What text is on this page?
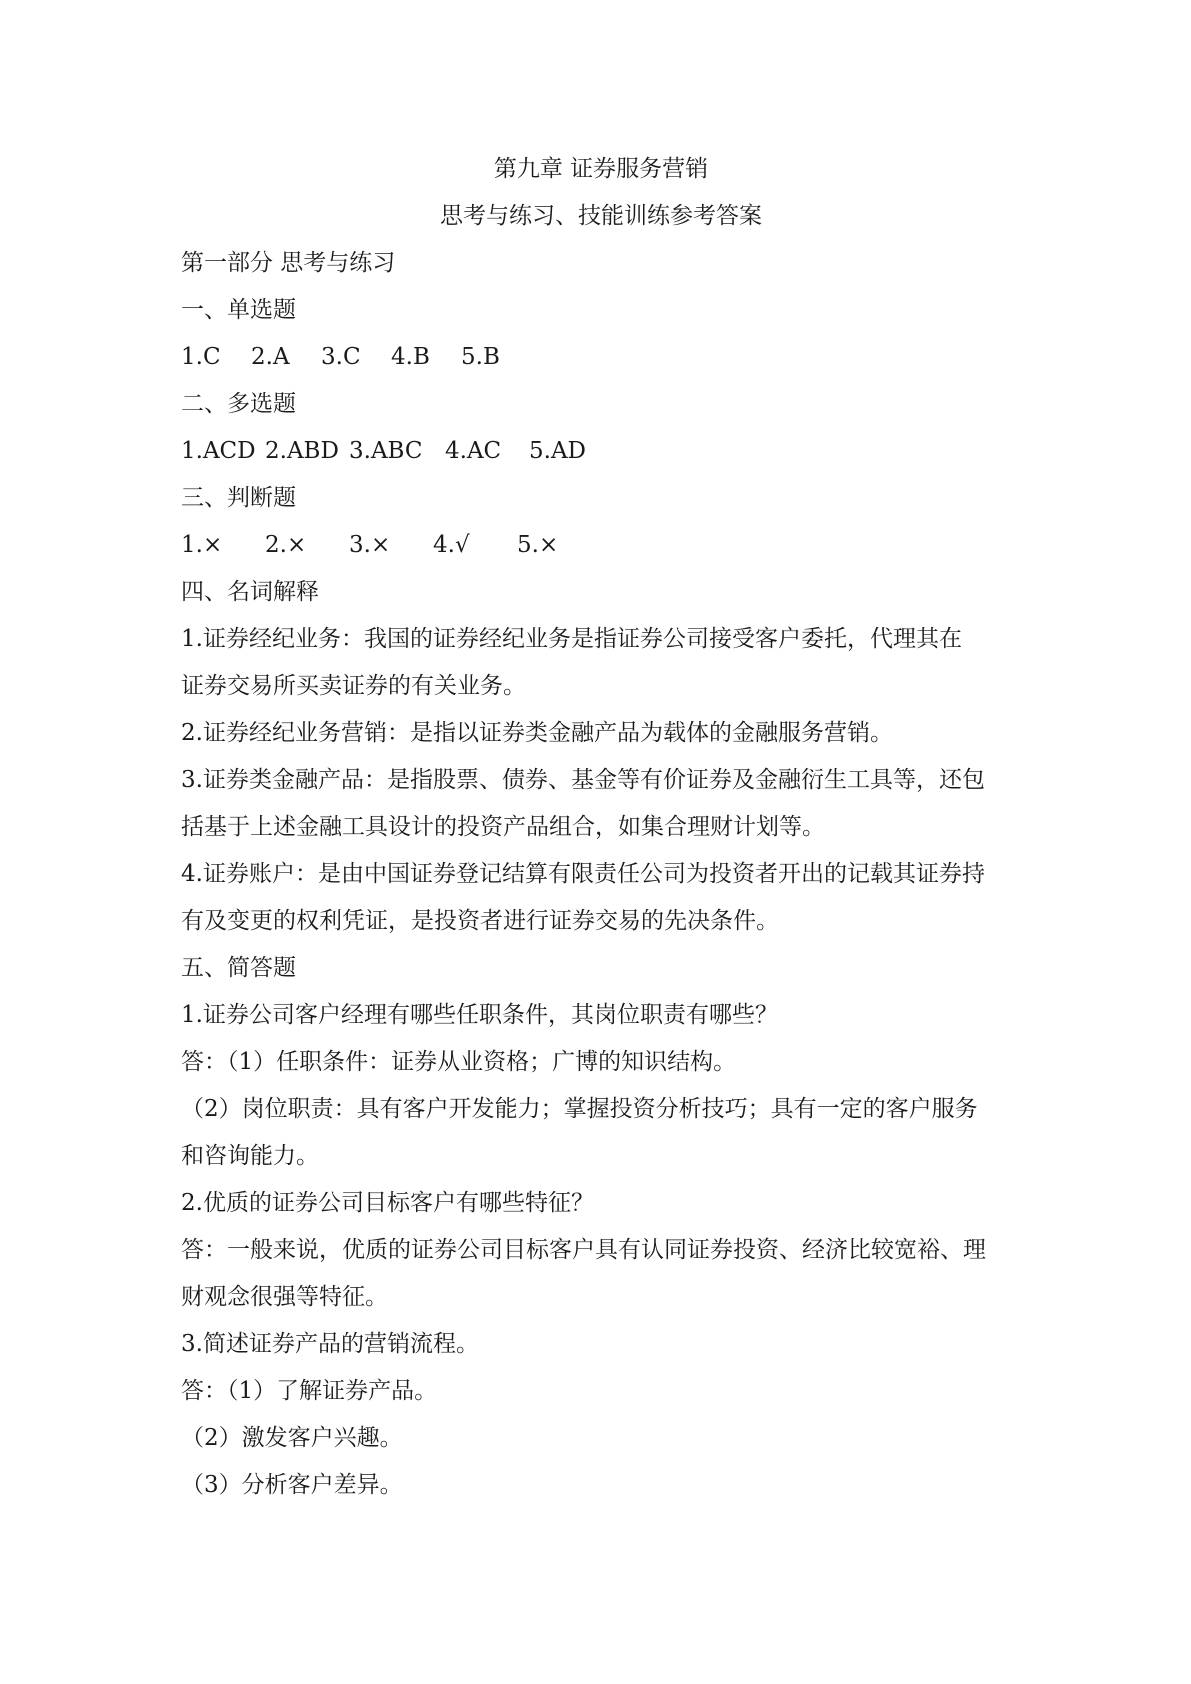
第九章 证券服务营销
思考与练习、技能训练参考答案
第一部分 思考与练习
一、单选题
1.C	2.A	3.C	4.B	5.B
二、多选题
1.ACD 2.ABD 3.ABC 4.AC	5.AD
三、判断题
1.×	2.×	3.×	4.√	5.×
四、名词解释
1.证券经纪业务：我国的证券经纪业务是指证券公司接受客户委托，代理其在
证券交易所买卖证券的有关业务。
2.证券经纪业务营销：是指以证券类金融产品为载体的金融服务营销。
3.证券类金融产品：是指股票、债券、基金等有价证券及金融衍生工具等，还包
括基于上述金融工具设计的投资产品组合，如集合理财计划等。
4.证券账户：是由中国证券登记结算有限责任公司为投资者开出的记载其证券持
有及变更的权利凭证，是投资者进行证券交易的先决条件。
五、简答题
1.证券公司客户经理有哪些任职条件，其岗位职责有哪些？
答：（1）任职条件：证券从业资格；广博的知识结构。
（2）岗位职责：具有客户开发能力；掌握投资分析技巧；具有一定的客户服务
和咨询能力。
2.优质的证券公司目标客户有哪些特征？
答：一般来说，优质的证券公司目标客户具有认同证券投资、经济比较宽裕、理
财观念很强等特征。
3.简述证券产品的营销流程。
答：（1）了解证券产品。
（2）激发客户兴趣。
（3）分析客户差异。
